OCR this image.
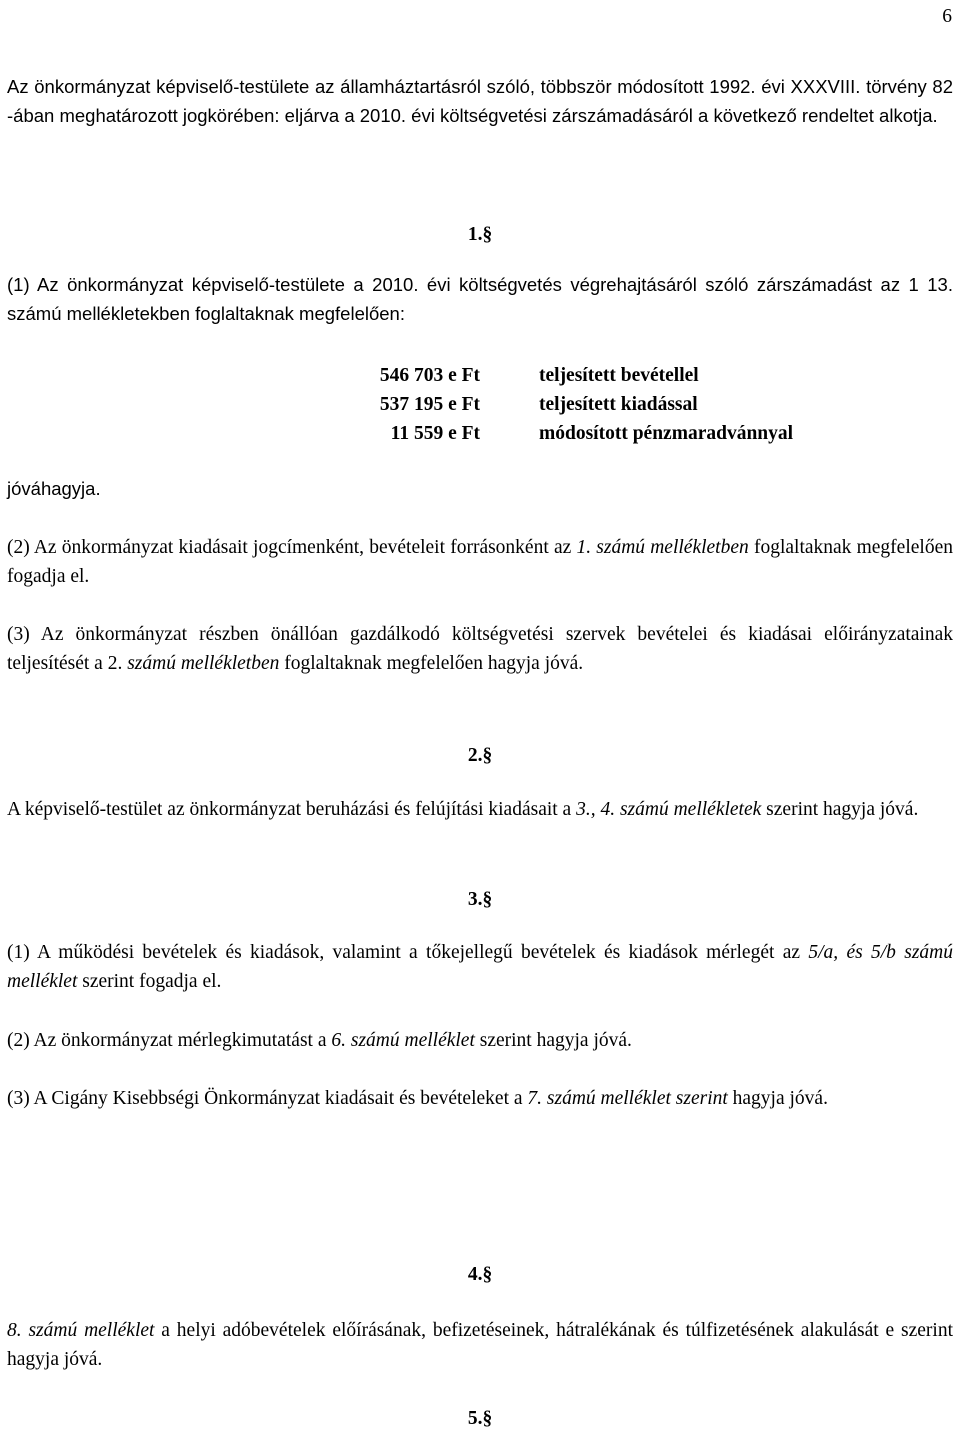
6

Az önkormányzat képviselő-testülete az államháztartásról szóló, többször módosított 1992. évi XXXVIII. törvény 82 -ában meghatározott jogkörében: eljárva a 2010. évi költségvetési zárszámadásáról a következő rendeltet alkotja.

1.§

(1) Az önkormányzat képviselő-testülete a 2010. évi költségvetés végrehajtásáról szóló zárszámadást az 1 13. számú mellékletekben foglaltaknak megfelelően:

546 703 e Ft	teljesített bevétellel
537 195 e Ft	teljesített kiadással
11 559 e Ft	módosított pénzmaradvánnyal
jóváhagyja.

(2) Az önkormányzat kiadásait jogcímenként, bevételeit forrásonként az 1. számú mellékletben foglaltaknak megfelelően fogadja el.

(3) Az önkormányzat részben önállóan gazdálkodó költségvetési szervek bevételei és kiadásai előirányzatainak teljesítését a 2. számú mellékletben foglaltaknak megfelelően hagyja jóvá.

2.§

A képviselő-testület az önkormányzat beruházási és felújítási kiadásait a 3., 4. számú mellékletek szerint hagyja jóvá.

3.§

(1) A működési bevételek és kiadások, valamint a tőkejellegű bevételek és kiadások mérlegét az 5/a, és 5/b számú melléklet szerint fogadja el.

(2) Az önkormányzat mérlegkimutatást a 6. számú melléklet szerint hagyja jóvá.

(3) A Cigány Kisebbségi Önkormányzat kiadásait és bevételeket a 7. számú melléklet szerint hagyja jóvá.

4.§

8. számú melléklet a helyi adóbevételek előírásának, befizetéseinek, hátralékának és túlfizetésének alakulását e szerint hagyja jóvá.

5.§
